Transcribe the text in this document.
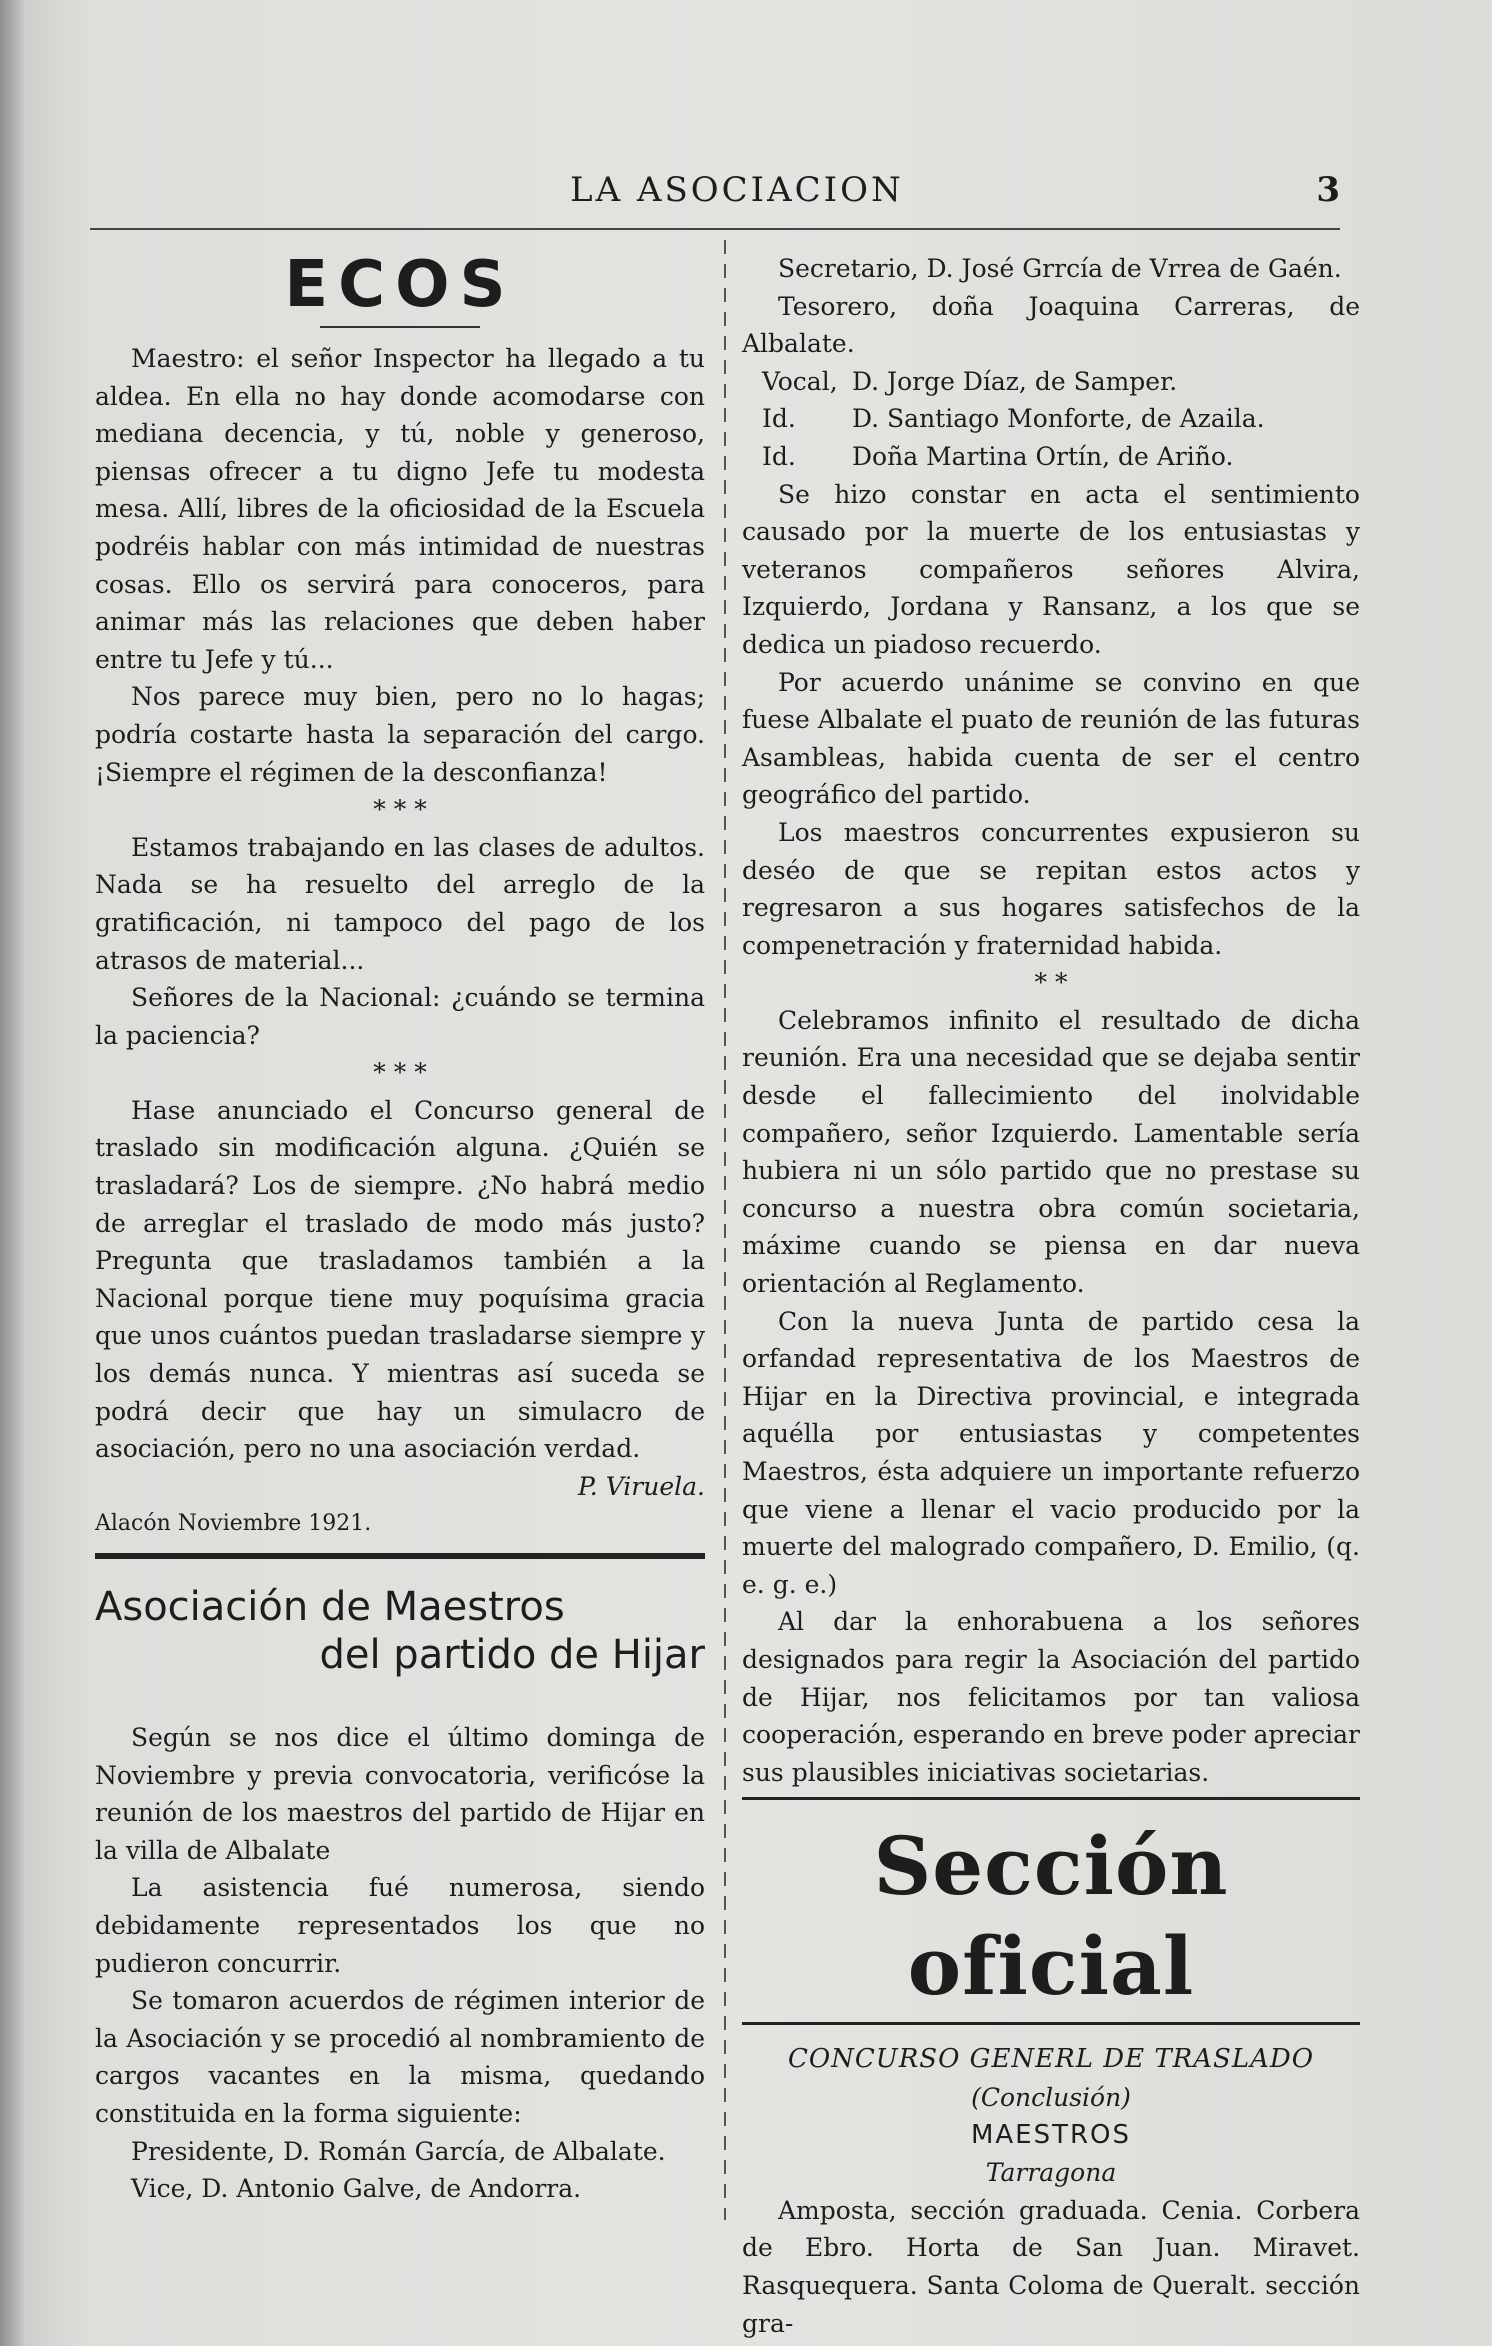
LA ASOCIACION	3
ECOS

Maestro: el señor Inspector ha llegado a tu aldea. En ella no hay donde acomodarse con mediana decencia, y tú, noble y generoso, piensas ofrecer a tu digno Jefe tu modesta mesa. Allí, libres de la oficiosidad de la Escuela podréis hablar con más intimidad de nuestras cosas. Ello os servirá para conoceros, para animar más las relaciones que deben haber entre tu Jefe y tú...

Nos parece muy bien, pero no lo hagas; podría costarte hasta la separación del cargo. ¡Siempre el régimen de la desconfianza!

* * *

Estamos trabajando en las clases de adultos. Nada se ha resuelto del arreglo de la gratificación, ni tampoco del pago de los atrasos de material...

Señores de la Nacional: ¿cuándo se termina la paciencia?

* * *

Hase anunciado el Concurso general de traslado sin modificación alguna. ¿Quién se trasladará? Los de siempre. ¿No habrá medio de arreglar el traslado de modo más justo? Pregunta que trasladamos también a la Nacional porque tiene muy poquísima gracia que unos cuántos puedan trasladarse siempre y los demás nunca. Y mientras así suceda se podrá decir que hay un simulacro de asociación, pero no una asociación verdad.

P. Viruela.
Alacón Noviembre 1921.
Asociación de Maestros
del partido de Hijar

Según se nos dice el último dominga de Noviembre y previa convocatoria, verificóse la reunión de los maestros del partido de Hijar en la villa de Albalate

La asistencia fué numerosa, siendo debidamente representados los que no pudieron concurrir.

Se tomaron acuerdos de régimen interior de la Asociación y se procedió al nombramiento de cargos vacantes en la misma, quedando constituida en la forma siguiente:

Presidente, D. Román García, de Albalate.

Vice, D. Antonio Galve, de Andorra.

Secretario, D. José Grrcía de Vrrea de Gaén.

Tesorero, doña Joaquina Carreras, de Albalate.

Vocal, D. Jorge Díaz, de Samper.
Id.	D. Santiago Monforte, de Azaila.
Id.	Doña Martina Ortín, de Ariño.

Se hizo constar en acta el sentimiento causado por la muerte de los entusiastas y veteranos compañeros señores Alvira, Izquierdo, Jordana y Ransanz, a los que se dedica un piadoso recuerdo.

Por acuerdo unánime se convino en que fuese Albalate el puato de reunión de las futuras Asambleas, habida cuenta de ser el centro geográfico del partido.

Los maestros concurrentes expusieron su deséo de que se repitan estos actos y regresaron a sus hogares satisfechos de la compenetración y fraternidad habida.

* *

Celebramos infinito el resultado de dicha reunión. Era una necesidad que se dejaba sentir desde el fallecimiento del inolvidable compañero, señor Izquierdo. Lamentable sería hubiera ni un sólo partido que no prestase su concurso a nuestra obra común societaria, máxime cuando se piensa en dar nueva orientación al Reglamento.

Con la nueva Junta de partido cesa la orfandad representativa de los Maestros de Hijar en la Directiva provincial, e integrada aquélla por entusiastas y competentes Maestros, ésta adquiere un importante refuerzo que viene a llenar el vacio producido por la muerte del malogrado compañero, D. Emilio, (q. e. g. e.)

Al dar la enhorabuena a los señores designados para regir la Asociación del partido de Hijar, nos felicitamos por tan valiosa cooperación, esperando en breve poder apreciar sus plausibles iniciativas societarias.

Sección oficial
CONCURSO GENERL DE TRASLADO
(Conclusión)
MAESTROS
Tarragona

Amposta, sección graduada. Cenia. Corbera de Ebro. Horta de San Juan. Miravet. Rasquequera. Santa Coloma de Queralt. sección gra-
